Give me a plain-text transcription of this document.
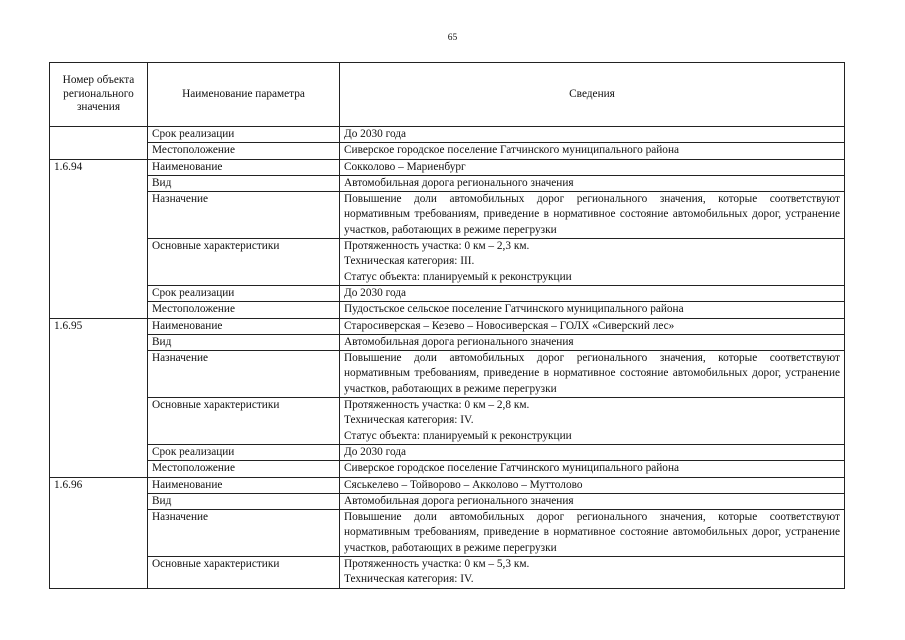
65
Номер объекта регионального значения	Наименование параметра	Сведения
	Срок реализации	До 2030 года
	Местоположение	Сиверское городское поселение Гатчинского муниципального района
1.6.94	Наименование	Сокколово – Мариенбург
	Вид	Автомобильная дорога регионального значения
	Назначение	Повышение доли автомобильных дорог регионального значения, которые соответствуют нормативным требованиям, приведение в нормативное состояние автомобильных дорог, устранение участков, работающих в режиме перегрузки
	Основные характеристики	Протяженность участка: 0 км – 2,3 км.
Техническая категория: III.
Статус объекта: планируемый к реконструкции

	Срок реализации	До 2030 года
	Местоположение	Пудостьское сельское поселение Гатчинского муниципального района
1.6.95	Наименование	Старосиверская – Кезево – Новосиверская – ГОЛХ «Сиверский лес»
	Вид	Автомобильная дорога регионального значения
	Назначение	Повышение доли автомобильных дорог регионального значения, которые соответствуют нормативным требованиям, приведение в нормативное состояние автомобильных дорог, устранение участков, работающих в режиме перегрузки
	Основные характеристики	Протяженность участка: 0 км – 2,8 км.
Техническая категория: IV.
Статус объекта: планируемый к реконструкции

	Срок реализации	До 2030 года
	Местоположение	Сиверское городское поселение Гатчинского муниципального района
1.6.96	Наименование	Сяськелево – Тойворово – Акколово – Муттолово
	Вид	Автомобильная дорога регионального значения
	Назначение	Повышение доли автомобильных дорог регионального значения, которые соответствуют нормативным требованиям, приведение в нормативное состояние автомобильных дорог, устранение участков, работающих в режиме перегрузки
	Основные характеристики	Протяженность участка: 0 км – 5,3 км.
Техническая категория: IV.
